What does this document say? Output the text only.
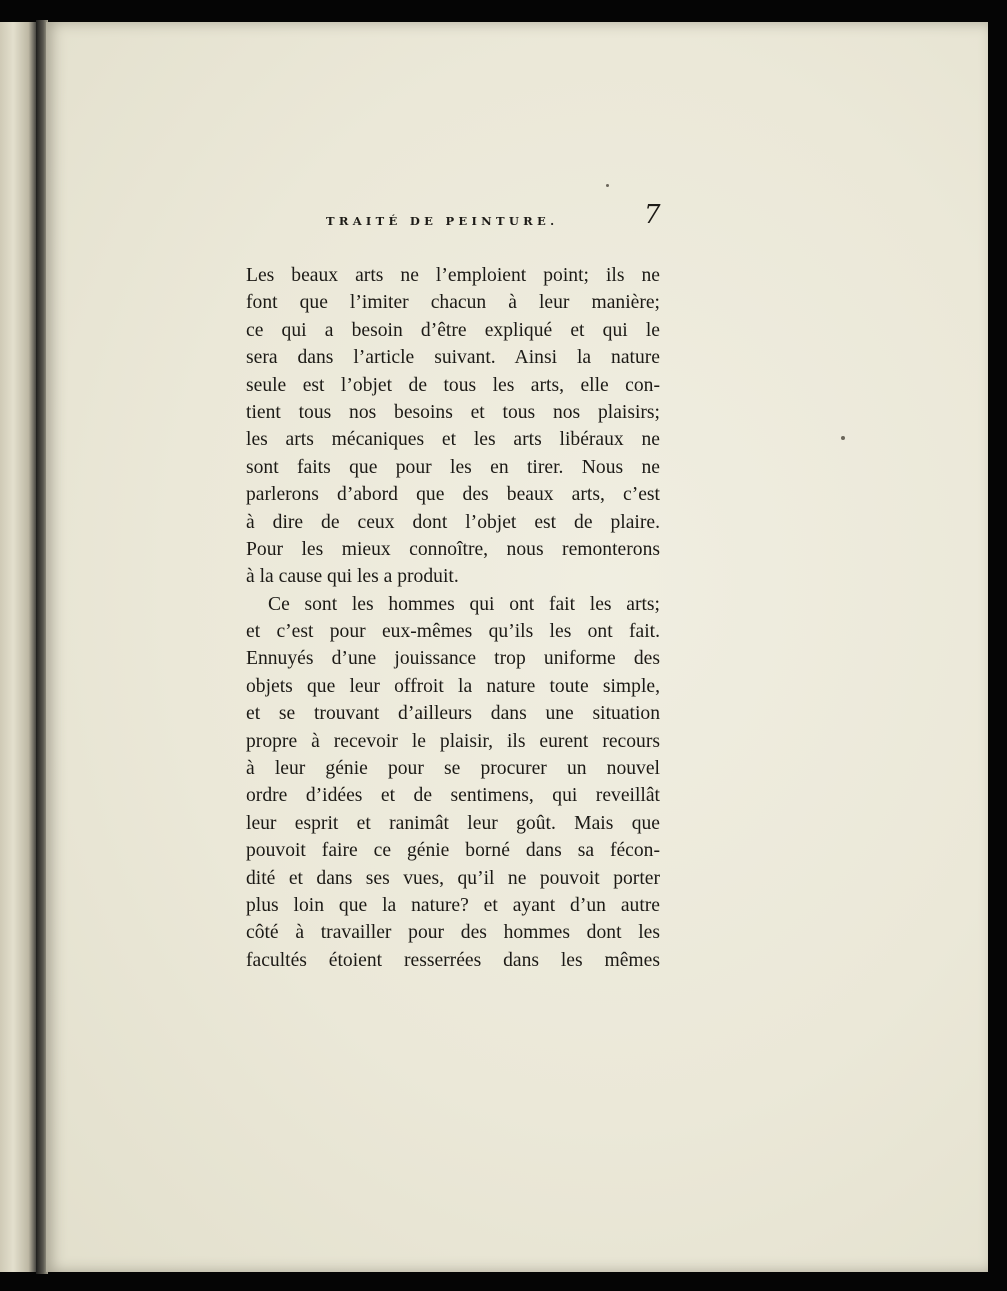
TRAITÉ DE PEINTURE.	7
Les beaux arts ne l’emploient point; ils ne
font que l’imiter chacun à leur manière;
ce qui a besoin d’être expliqué et qui le
sera dans l’article suivant. Ainsi la nature
seule est l’objet de tous les arts, elle con-
tient tous nos besoins et tous nos plaisirs;
les arts mécaniques et les arts libéraux ne
sont faits que pour les en tirer. Nous ne
parlerons d’abord que des beaux arts, c’est
à dire de ceux dont l’objet est de plaire.
Pour les mieux connoître, nous remonterons
à la cause qui les a produit.
Ce sont les hommes qui ont fait les arts;
et c’est pour eux-mêmes qu’ils les ont fait.
Ennuyés d’une jouissance trop uniforme des
objets que leur offroit la nature toute simple,
et se trouvant d’ailleurs dans une situation
propre à recevoir le plaisir, ils eurent recours
à leur génie pour se procurer un nouvel
ordre d’idées et de sentimens, qui reveillât
leur esprit et ranimât leur goût. Mais que
pouvoit faire ce génie borné dans sa fécon-
dité et dans ses vues, qu’il ne pouvoit porter
plus loin que la nature? et ayant d’un autre
côté à travailler pour des hommes dont les
facultés étoient resserrées dans les mêmes
